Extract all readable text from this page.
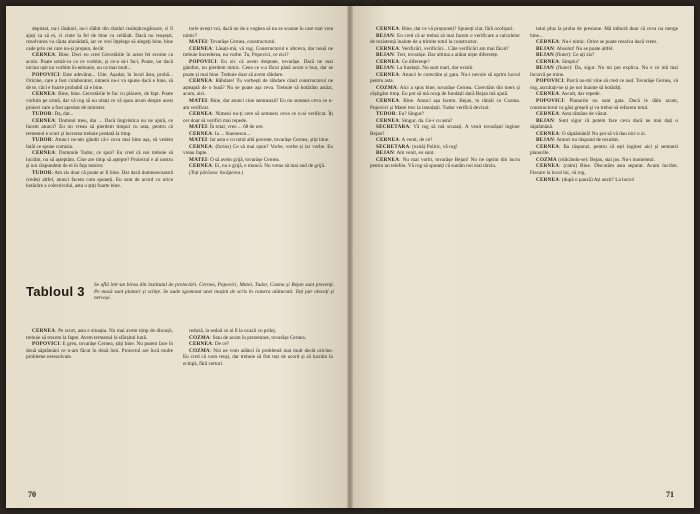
depistat, nu-i lăsături, nu-i slăbit din rândul ceaînțărcegătoare, ci îl ajuți ca să ei, ci cinte la fel de bine ca celălalt. Dacă nu reușești, rezolvarea va căuta alunădată, iar ce vrei înţelege să alegeţi bine, bine cade prin cei care nu-și propun, decât

CERNEA: Bine. Deci eu cred Cercetările în acest fel ecorne ca acolo. Poate urmă-va cu ce vorbim, și ce-a să-i faci, Poate, iar dacă niciun ușit nu vorbim în-nebunie, nu ca mai mult...

POPOVICI: Este adevărat... Uite. Așadar, în locul ăsta, probă... Oricine, care a fost colaborator, nimeni nu-i va spune dacă e bine, să de te, căci e foarte probabil că e bine.

CERNEA: Bine, bine. Cercetările le fac cu plăcere, de fapt. Poate vorbim pe urmă, dar vă rog să nu uitați ce vă spun acum despre acest proiect care a fost aprobat de minister.

TUDOR: Da, dar...

CERNEA: Domnul meu, dar ... Dacă lingvistica nu ne ajută, ce facem atunci? Eu nu vreau să pierdem timpul cu asta, pentru că termenul e scurt și lucrarea trebuie predată la timp.

TUDOR: Atunci ne-am gândit că-i ceva mai bine așa, să vedem întâi ce spune comisia.

CERNEA: Domnule Tudor, ce spui? Eu cred că noi trebuie să lucrăm, nu să așteptăm. Cine are timp să aștepte? Proiectul e al nostru și noi răspundem de el în fața tuturor.

TUDOR: Am zis doar că poate ar fi bine. Dar dacă dumneavoastră credeți altfel, atunci facem cum spuneți. Eu sunt de acord cu orice hotărâre a colectivului, asta o știți foarte bine.

torie avești voi, dacă nu de a voghea să nu se scaune în care mai vrea nimic?

MATEI: Tovarășe Cernea, constructorul.

CERNEA: Lăsați-mă, vă rog. Constructorul e altceva, dar nouă ne trebuie încrederea, nu vorbe. Tu, Popovici, ce zici?

POPOVICI: Eu zic că avem dreptate, tovarășe. Dacă ne mai gândim, nu pierdem nimic. Ceea ce s-a făcut până acum e bun, dar se poate și mai bine. Trebuie doar să avem răbdare.

CERNEA: Răbdare! Tu vorbești de răbdare când constructorul ne așteaptă de o lună? Nu se poate așa ceva. Trebuie să hotărâm astăzi, acum, aici.

MATEI: Bine, dar atunci cine semnează? Eu nu semnez ceva ce n-am verificat.

CERNEA: Nimeni nu-ți cere să semnezi ceva ce n-ai verificat. Îți cer doar să verifici mai repede.

MATEI: În total, vreo ... 68 de ore.

CERNEA: Ia ... Stanoescu...

MATEI: Iar asta e cu totul altă poveste, tovarășe Cernea, știți bine.

CERNEA: (furios) Ce să mai spun? Vorbe, vorbe și iar vorbe. Eu vreau fapte.

MATEI: O să avem grijă, tovarășe Cernea.

CERNEA: Ei, nu e grijă, e muncă. Nu vreau să mai aud de grijă.

(Toți părăsesc încăperea.)

Tabloul 3 Se află într-un birou din institutul de proiectări. Cernea, Popovici, Matei, Tudor, Cozma și Bejan sunt prezenți. Pe masă sunt planuri și schițe. Se aude zgomotul unei mașini de scris în camera alăturată. Toți par obosiți și nervoși.

CERNEA: Pe scurt, asta e situația. Nu mai avem timp de discuții, trebuie să trecem la fapte. Avem termenul la sfârșitul lunii.

POPOVICI: E greu, tovarășe Cernea, știți bine. Nu putem face în două săptămâni ce n-am făcut în două luni. Proiectul are încă multe probleme nerezolvate.

reduză, la seduă ce ai fi la ocazii cu prilej.

COZMA: Stau de acum în prezentare, tovarășe Cernea.

CERNEA: De ce?

COZMA: Noi ne vom adânci în problemă mai mult decât oricine. Eu cred că vom reuși, dar trebuie să fim toți de acord și să lucrăm în echipă, fără certuri.

70

CERNEA: Bine, dar ce vă propuneți? Spuneți clar, fără ocolișuri.

BEJAN: Eu cred că ar trebui să mai facem o verificare a calculelor de rezistență înainte de a trimite totul la constructor.

CERNEA: Verificări, verificări... Câte verificări am mai făcut?

BEJAN: Trei, tovarășe. Dar ultima a arătat niște diferențe.

CERNEA: Ce diferențe?

BEJAN: La fundații. Nu sunt mari, dar există.

CERNEA: Atunci le corectăm și gata. Nu-i nevoie să oprim lucrul pentru asta.

COZMA: Aici a spus bine, tovarășe Cernea. Corectăm din mers și câștigăm timp. Eu pot să mă ocup de fundații dacă Bejan mă ajută.

CERNEA: Bine. Atunci așa facem. Bejan, tu rămâi cu Cozma. Popovici și Matei trec la instalații. Tudor verifică devizul.

TUDOR: Eu? Singur?

CERNEA: Singur, da. Ce-i cu asta?

SECRETARA: Vă rog să mă scuzați. A venit tovarășul inginer Bejan?

CERNEA: A venit, de ce?

SECRETARA: (ezită) Politic, vă rog!

BEJAN: Am venit, eu sunt.

CERNEA: Nu mai vorbi, tovarășe Bejan! Nu ne oprim din lucru pentru un telefon. Vă rog să spuneți că sunăm noi mai târziu.

tului plus la proba de presiune. Mă tulbură doar că ceva nu merge bine...

CERNEA: Nu-i nimic. Orice se poate rezolva dacă vrem.

BEJAN: Absolut! Nu se poate altfel.

BEJAN (fluier): Ce ați zis?

CERNEA: Simplu?

BEJAN (fluier): Da, sigur. Nu mi pot explica. Nu e ce mă mai încurcă pe mine.

POPOVICI: Parcă nu-mi vine să cred ce aud. Tovarășe Cernea, vă rog, ascultați-ne și pe noi înainte să hotărâți.

CERNEA: Ascult, dar repede.

POPOVICI: Planurile nu sunt gata. Dacă le dăm acum, constructorul va găsi greșeli și va trebui să refacem totul.

CERNEA: Asta rămâne de văzut.

BEJAN: Sunt sigur că putem face ceva dacă ne mai dați o săptămână.

CERNEA: O săptămână! Nu pot să vă dau nici o zi.

BEJAN: Atunci nu răspund de rezultat.

CERNEA: Ba răspunzi, pentru că ești inginer aici și semnezi planurile.

COZMA (ridicându-se): Bejan, stai jos. Nu-i momentul.

CERNEA: (calm) Bine. Discutăm asta separat. Acum lucrăm. Fiecare la locul lui, vă rog.

CERNEA: (după o pauză) Ați auzit? La lucru!

71
